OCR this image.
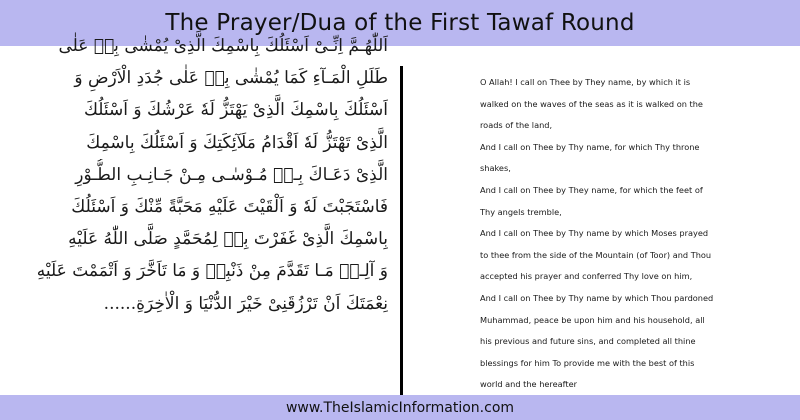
The Prayer/Dua of the First Tawaf Round
اَللّٰهُـمَّ اِنِّـیْ اَسْئَلُكَ بِاسْمِكَ الَّذِیْ یُمْشٰی بِهٖ عَلٰی
طَلَلِ الْمَـآءِ كَمَا یُمْشٰی بِهٖ عَلٰی جُدَدِ الْاَرْضِ وَ
اَسْئَلُكَ بِاسْمِكَ الَّذِیْ یَهْتَزُّ لَهٗ عَرْشُكَ وَ اَسْئَلُكَ
الَّذِیْ تَهْتَزُّ لَهٗ اَقْدَامُ مَلَآئِكَتِكَ وَ اَسْئَلُكَ بِاسْمِكَ
الَّذِیْ دَعَـاكَ بِـهٖ مُـوْسٰـی مِـنْ جَـانِـبِ الطُّـوْرِ
فَاسْتَجَبْتَ لَهٗ وَ اَلْقَیْتَ عَلَیْهِ مَحَبَّةً مِّنْكَ وَ اَسْئَلُكَ
بِاسْمِكَ الَّذِیْ غَفَرْتَ بِهٖ لِمُحَمَّدٍ صَلَّی اللّٰهُ عَلَیْهِ
وَ آلِـهٖ مَـا تَقَدَّمَ مِنْ ذَنْبِهٖ وَ مَا تَاَخَّرَ وَ اَتْمَمْتَ عَلَیْهِ
نِعْمَتَكَ اَنْ تَرْزُقَنِیْ خَیْرَ الدُّنْیَا وَ الْاٰخِرَةِ......

O Allah! I call on Thee by They name, by which it is

walked on the waves of the seas as it is walked on the

roads of the land,

And I call on Thee by Thy name, for which Thy throne

shakes,

And I call on Thee by They name, for which the feet of

Thy angels tremble,

And I call on Thee by Thy name by which Moses prayed

to thee from the side of the Mountain (of Toor) and Thou

accepted his prayer and conferred Thy love on him,

And I call on Thee by Thy name by which Thou pardoned

Muhammad, peace be upon him and his household, all

his previous and future sins, and completed all thine

blessings for him To provide me with the best of this

world and the hereafter

www.TheIslamicInformation.com
